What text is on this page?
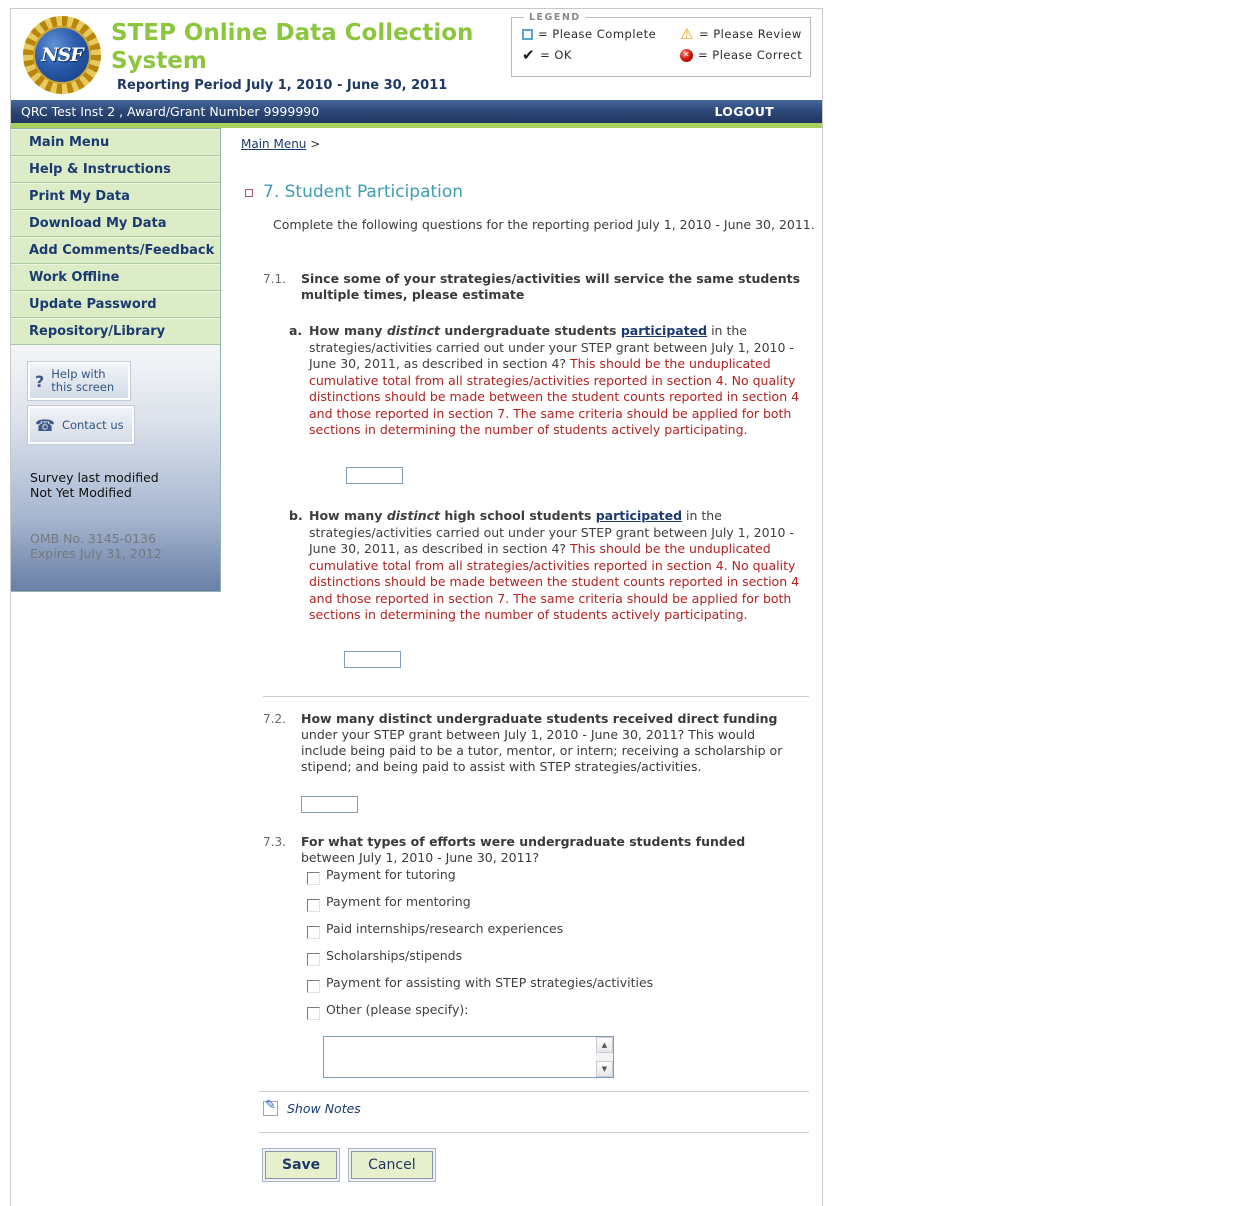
NSF
STEP Online Data Collection
System
Reporting Period July 1, 2010 - June 30, 2011
LEGEND
= Please Complete ⚠ = Please Review
✔ = OK	✕ = Please Correct
QRC Test Inst 2 , Award/Grant Number 9999990	LOGOUT
Main Menu
Help & Instructions
Print My Data
Download My Data
Add Comments/Feedback
Work Offline
Update Password
Repository/Library
? Help with
this screen
☎ Contact us
Survey last modified
Not Yet Modified
OMB No. 3145-0136
Expires July 31, 2012
Main Menu >
7. Student Participation
Complete the following questions for the reporting period July 1, 2010 - June 30, 2011.
7.1.	Since some of your strategies/activities will service the same students multiple times, please estimate
a. How many distinct undergraduate students participated in the strategies/activities carried out under your STEP grant between July 1, 2010 - June 30, 2011, as described in section 4? This should be the unduplicated cumulative total from all strategies/activities reported in section 4. No quality distinctions should be made between the student counts reported in section 4 and those reported in section 7. The same criteria should be applied for both sections in determining the number of students actively participating.
b. How many distinct high school students participated in the strategies/activities carried out under your STEP grant between July 1, 2010 - June 30, 2011, as described in section 4? This should be the unduplicated cumulative total from all strategies/activities reported in section 4. No quality distinctions should be made between the student counts reported in section 4 and those reported in section 7. The same criteria should be applied for both sections in determining the number of students actively participating.
7.2.	How many distinct undergraduate students received direct funding under your STEP grant between July 1, 2010 - June 30, 2011? This would include being paid to be a tutor, mentor, or intern; receiving a scholarship or stipend; and being paid to assist with STEP strategies/activities.
7.3.	For what types of efforts were undergraduate students funded between July 1, 2010 - June 30, 2011?
Payment for tutoring
Payment for mentoring
Paid internships/research experiences
Scholarships/stipends
Payment for assisting with STEP strategies/activities
Other (please specify):
▲
▼
✎
Show Notes
Save	Cancel
